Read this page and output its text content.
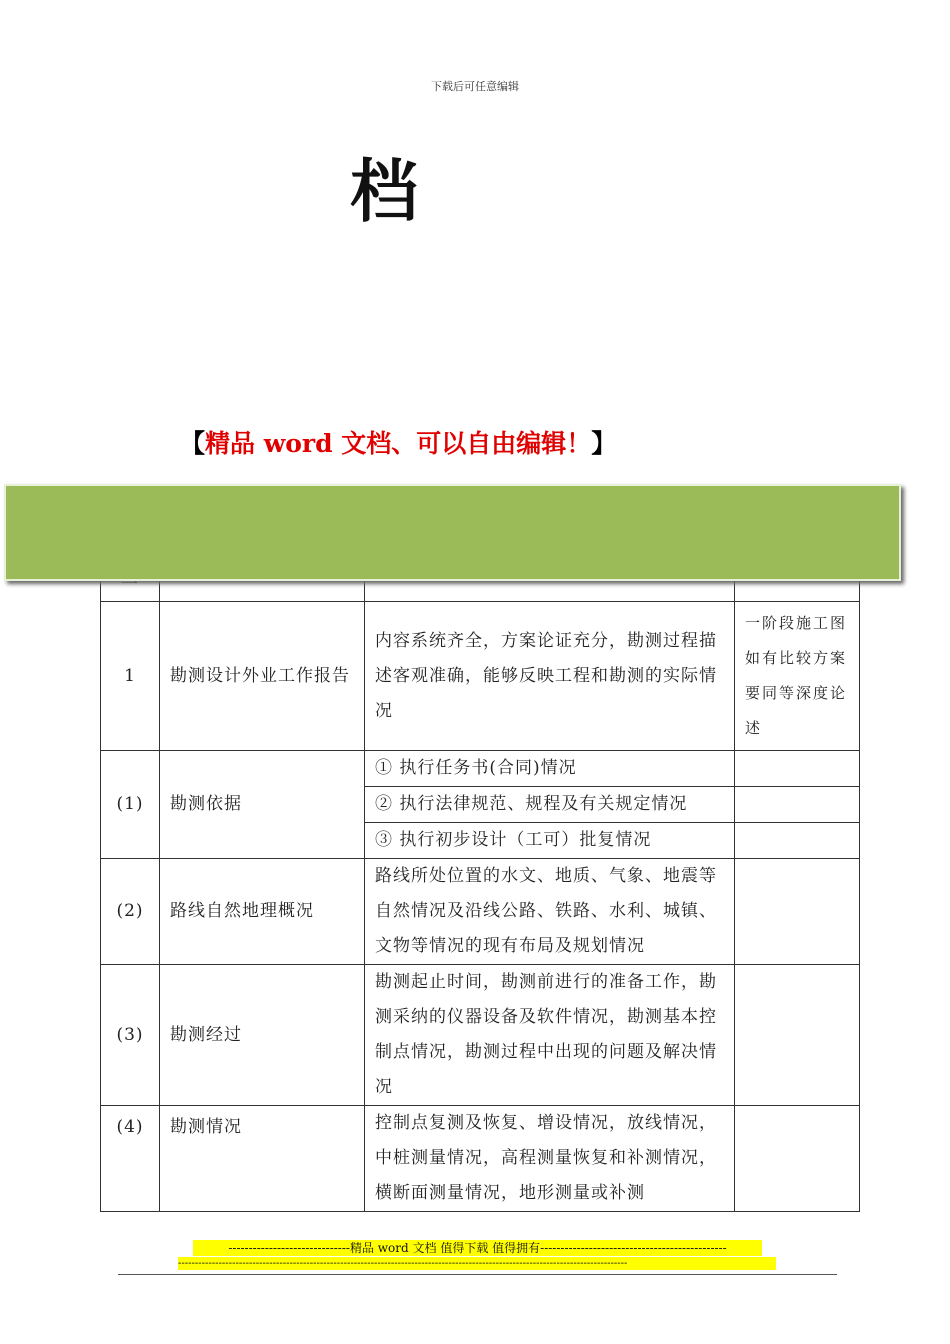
下载后可任意编辑
档
【精品 word 文档、可以自由编辑！】

1	勘测设计外业工作报告	内容系统齐全，方案论证充分，勘测过程描述客观准确，能够反映工程和勘测的实际情况	一阶段施工图如有比较方案要同等深度论述
(1)	勘测依据	① 执行任务书(合同)情况	
		② 执行法律规范、规程及有关规定情况	
		③ 执行初步设计（工可）批复情况	
(2)	路线自然地理概况	路线所处位置的水文、地质、气象、地震等自然情况及沿线公路、铁路、水利、城镇、文物等情况的现有布局及规划情况	
(3)	勘测经过	勘测起止时间，勘测前进行的准备工作，勘测采纳的仪器设备及软件情况，勘测基本控制点情况，勘测过程中出现的问题及解决情况	
(4)	勘测情况	控制点复测及恢复、增设情况，放线情况，中桩测量情况，高程测量恢复和补测情况，横断面测量情况，地形测量或补测	
------------------------------精品 word 文档 值得下载 值得拥有----------------------------------------------
-------------------------------------------------------------------------------------------------------------------------------------
